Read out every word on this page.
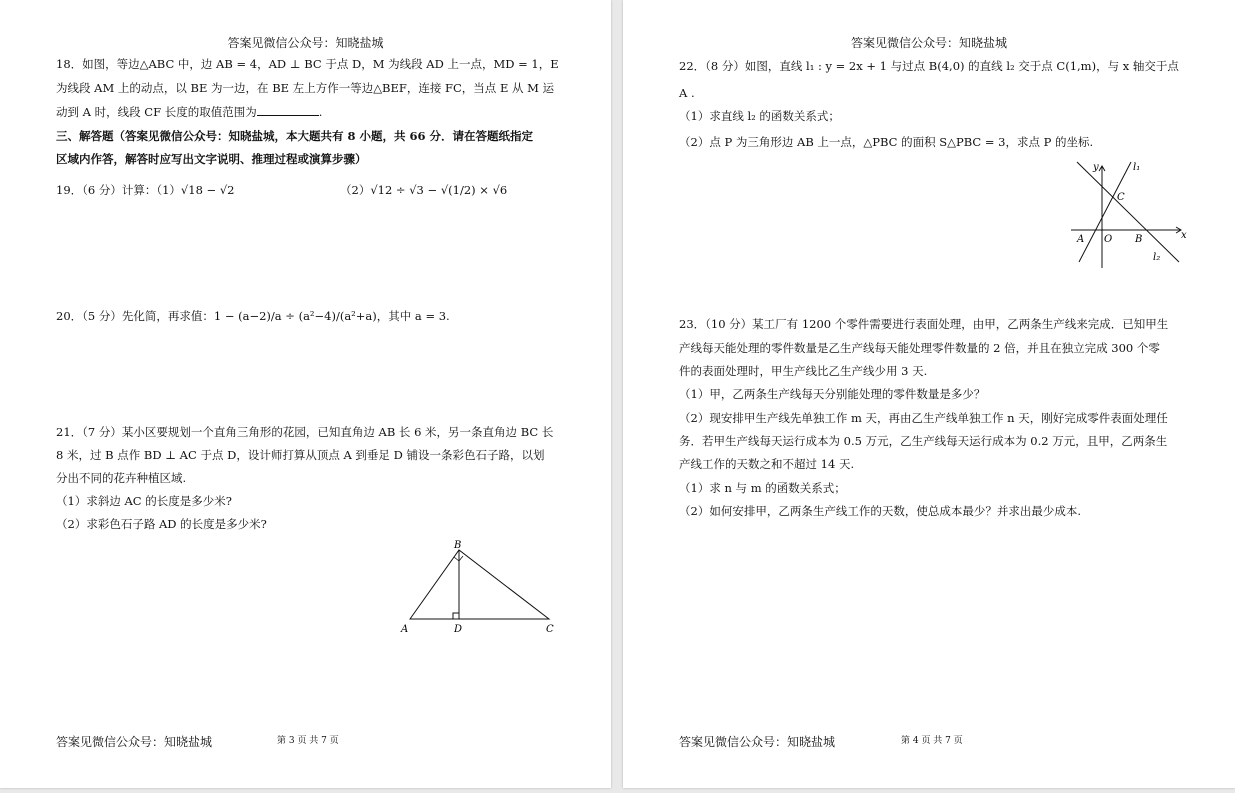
答案见微信公众号：知晓盐城
18．如图，等边△ABC 中，边 AB = 4，AD ⊥ BC 于点 D，M 为线段 AD 上一点，MD = 1，E
为线段 AM 上的动点，以 BE 为一边，在 BE 左上方作一等边△BEF，连接 FC，当点 E 从 M 运
动到 A 时，线段 CF 长度的取值范围为	.
三、解答题（答案见微信公众号：知晓盐城，本大题共有 8 小题，共 66 分．请在答题纸指定
区域内作答，解答时应写出文字说明、推理过程或演算步骤）
19．（6 分）计算：（1）√18 − √2	（2）√12 ÷ √3 − √(1/2) × √6
20．（5 分）先化简，再求值：1 − (a−2)/a ÷ (a²−4)/(a²+a)，其中 a = 3.
21．（7 分）某小区要规划一个直角三角形的花园，已知直角边 AB 长 6 米，另一条直角边 BC 长
8 米，过 B 点作 BD ⊥ AC 于点 D，设计师打算从顶点 A 到垂足 D 铺设一条彩色石子路，以划
分出不同的花卉种植区域.
（1）求斜边 AC 的长度是多少米?
（2）求彩色石子路 AD 的长度是多少米?
B
A	D	C
答案见微信公众号：知晓盐城	第 3 页 共 7 页
答案见微信公众号：知晓盐城
22．（8 分）如图，直线 l₁ : y = 2x + 1 与过点 B(4,0) 的直线 l₂ 交于点 C(1,m)，与 x 轴交于点
A .
（1）求直线 l₂ 的函数关系式；
（2）点 P 为三角形边 AB 上一点，△PBC 的面积 S△PBC = 3，求点 P 的坐标.
y	l₁
C
A O B	x
l₂
23．（10 分）某工厂有 1200 个零件需要进行表面处理，由甲，乙两条生产线来完成．已知甲生
产线每天能处理的零件数量是乙生产线每天能处理零件数量的 2 倍，并且在独立完成 300 个零
件的表面处理时，甲生产线比乙生产线少用 3 天.
（1）甲，乙两条生产线每天分别能处理的零件数量是多少？
（2）现安排甲生产线先单独工作 m 天，再由乙生产线单独工作 n 天，刚好完成零件表面处理任
务．若甲生产线每天运行成本为 0.5 万元，乙生产线每天运行成本为 0.2 万元，且甲，乙两条生
产线工作的天数之和不超过 14 天.
（1）求 n 与 m 的函数关系式；
（2）如何安排甲，乙两条生产线工作的天数，使总成本最少？并求出最少成本.
答案见微信公众号：知晓盐城	第 4 页 共 7 页
